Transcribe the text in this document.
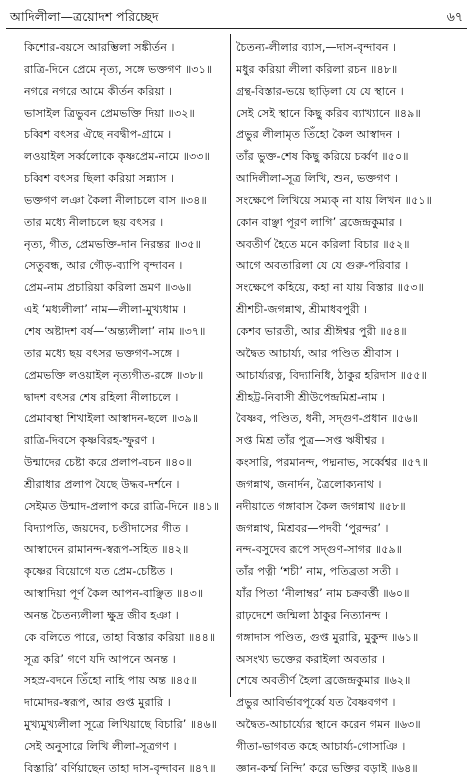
আদিলীলা—ত্রয়োদশ পরিচ্ছেদ	৬৭
কিশোর-বয়সে আরম্ভিলা সঙ্কীর্তন ।
রাত্রি-দিনে প্রেমে নৃত্য, সঙ্গে ভক্তগণ ॥৩১॥
নগরে নগরে আমে কীর্তন করিয়া ।
ভাসাইল ত্রিভুবন প্রেমভক্তি দিয়া ॥৩২॥
চব্বিশ বৎসর ঐছে নবদ্বীপ-গ্রামে ।
লওয়াইল সর্ব্বলোকে কৃষ্ণপ্রেম-নামে ॥৩৩॥
চব্বিশ বৎসর ছিলা করিয়া সন্ন্যাস ।
ভক্তগণ লঞা কৈলা নীলাচলে বাস ॥৩৪॥
তার মধ্যে নীলাচলে ছয় বৎসর ।
নৃত্য, গীত, প্রেমভক্তি-দান নিরন্তর ॥৩৫॥
সেতুবন্ধ, আর গৌড়-ব্যাপি বৃন্দাবন ।
প্রেম-নাম প্রচারিয়া করিলা ভ্রমণ ॥৩৬॥
এই ‘মধ্যলীলা’ নাম—লীলা-মুখ্যধাম ।
শেষ অষ্টাদশ বর্ষ—‘অন্ত্যলীলা’ নাম ॥৩৭॥
তার মধ্যে ছয় বৎসর ভক্তগণ-সঙ্গে ।
প্রেমভক্তি লওয়াইল নৃত্যগীত-রঙ্গে ॥৩৮॥
দ্বাদশ বৎসর শেষ রহিলা নীলাচলে ।
প্রেমাবস্থা শিখাইলা আস্বাদন-ছলে ॥৩৯॥
রাত্রি-দিবসে কৃষ্ণবিরহ-স্ফুরণ ।
উন্মাদের চেষ্টা করে প্রলাপ-বচন ॥৪০॥
শ্রীরাধার প্রলাপ যৈছে উদ্ধব-দর্শনে ।
সেইমত উন্মাদ-প্রলাপ করে রাত্রি-দিনে ॥৪১॥
বিদ্যাপতি, জয়দেব, চণ্ডীদাসের গীত ।
আস্বাদেন রামানন্দ-স্বরূপ-সহিত ॥৪২॥
কৃষ্ণের বিয়োগে যত প্রেম-চেষ্টিত ।
আস্বাদিয়া পূর্ণ কৈল আপন-বাঞ্ছিত ॥৪৩॥
অনন্ত চৈতন্যলীলা ক্ষুদ্র জীব হঞা ।
কে বলিতে পারে, তাহা বিস্তার করিয়া ॥৪৪॥
সূত্র করি’ গণে যদি আপনে অনন্ত ।
সহস্র-বদনে তিঁহো নাহি পায় অন্ত ॥৪৫॥
দামোদর-স্বরূপ, আর গুপ্ত মুরারি ।
মুখ্যমুখ্যলীলা সূত্রে লিখিয়াছে বিচারি’ ॥৪৬॥
সেই অনুসারে লিখি লীলা-সূত্রগণ ।
বিস্তারি’ বর্ণিয়াছেন তাহা দাস-বৃন্দাবন ॥৪৭॥
চৈতন্য-লীলার ব্যাস,—দাস-বৃন্দাবন ।
মধুর করিয়া লীলা করিলা রচন ॥৪৮॥
গ্রন্থ-বিস্তার-ভয়ে ছাড়িলা যে যে স্থানে ।
সেই সেই স্থানে কিছু করিব ব্যাখ্যানে ॥৪৯॥
প্রভুর লীলামৃত তিঁহো কৈল আস্বাদন ।
তাঁর ভুক্ত-শেষ কিছু করিয়ে চর্ব্বণ ॥৫০॥
আদিলীলা-সূত্র লিখি, শুন, ভক্তগণ ।
সংক্ষেপে লিখিয়ে সম্যক্ না যায় লিখন ॥৫১॥
কোন বাঞ্ছা পূরণ লাগি’ ব্রজেন্দ্রকুমার ।
অবতীর্ণ হৈতে মনে করিলা বিচার ॥৫২॥
আগে অবতারিলা যে যে গুরু-পরিবার ।
সংক্ষেপে কহিয়ে, কহা না যায় বিস্তার ॥৫৩॥
শ্রীশচী-জগন্নাথ, শ্রীমাধবপুরী ।
কেশব ভারতী, আর শ্রীঈশ্বর পুরী ॥৫৪॥
অদ্বৈত আচার্য্য, আর পণ্ডিত শ্রীবাস ।
আচার্য্যরত্ন, বিদ্যানিধি, ঠাকুর হরিদাস ॥৫৫॥
শ্রীহট্ট-নিবাসী শ্রীউপেন্দ্রমিশ্র-নাম ।
বৈষ্ণব, পণ্ডিত, ধনী, সদ্গুণ-প্রধান ॥৫৬॥
সপ্ত মিশ্র তাঁর পুত্র—সপ্ত ঋষীশ্বর ।
কংসারি, পরমানন্দ, পদ্মনাভ, সর্ব্বেশ্বর ॥৫৭॥
জগন্নাথ, জনার্দন, ত্রৈলোক্যনাথ ।
নদীয়াতে গঙ্গাবাস কৈল জগন্নাথ ॥৫৮॥
জগন্নাথ, মিশ্রবর—পদবী ‘পুরন্দর’ ।
নন্দ-বসুদেব রূপে সদ্গুণ-সাগর ॥৫৯॥
তাঁর পত্নী ‘শচী’ নাম, পতিব্রতা সতী ।
যাঁর পিতা ‘নীলাম্বর’ নাম চক্রবর্ত্তী ॥৬০॥
রাঢ়দেশে জন্মিলা ঠাকুর নিত্যানন্দ ।
গঙ্গাদাস পণ্ডিত, গুপ্ত মুরারি, মুকুন্দ ॥৬১॥
অসংখ্য ভক্তের করাইলা অবতার ।
শেষে অবতীর্ণ হৈলা ব্রজেন্দ্রকুমার ॥৬২॥
প্রভুর আবির্ভাবপূর্ব্বে যত বৈষ্ণবগণ ।
অদ্বৈত-আচার্য্যের স্থানে করেন গমন ॥৬৩॥
গীতা-ভাগবত কহে আচার্য্য-গোসাঞি ।
জ্ঞান-কর্ম্ম নিন্দি’ করে ভক্তির বড়াই ॥৬৪॥
